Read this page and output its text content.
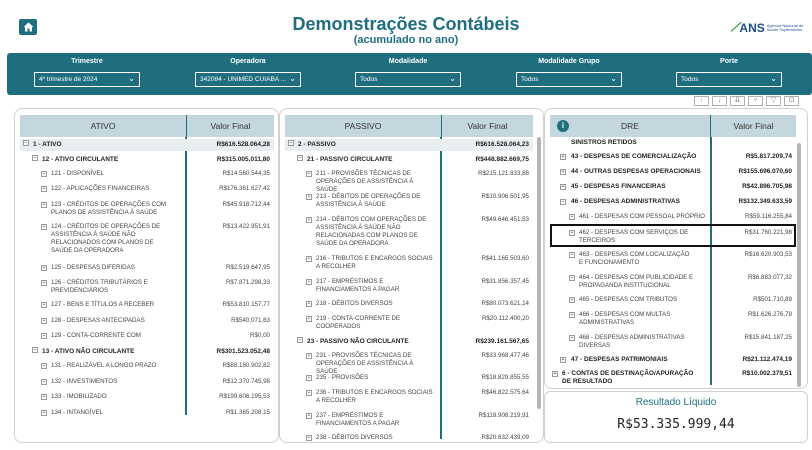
Demonstrações Contábeis
(acumulado no ano)
⟋ ANS Agência Nacional de Saúde Suplementar
Trimestre
4º trimestre de 2024	⌄
Operadora
342084 - UNIMED CUIABA ... ⌄
Modalidade
Todos	⌄
Modalidade Grupo
Todos	⌄
Porte
Todos	⌄
↑	↓	⇊	⑂	▽	⊡
ATIVO	Valor Final
− 1 - ATIVO	R$616.528.064,28
− 12 - ATIVO CIRCULANTE	R$315.005.011,80
+ 121 - DISPONÍVEL	R$14.560.544,35
+ 122 - APLICAÇÕES FINANCEIRAS	R$176.361.627,42
+ 123 - CRÉDITOS DE OPERAÇÕES COM PLANOS DE ASSISTÊNCIA À SAÚDE
R$45.918.712,44
+ 124 - CRÉDITOS DE OPERAÇÕES DE ASSISTÊNCIA À SAÚDE NÃO RELACIONADOS COM PLANOS DE SAÚDE DA OPERADORA
R$13.422.951,91
+ 125 - DESPESAS DIFERIDAS	R$2.519.647,95
+ 126 - CRÉDITOS TRIBUTÁRIOS E PREVIDENCIÁRIOS
R$7.871.298,33
+ 127 - BENS E TÍTULOS A RECEBER	R$53.810.157,77
+ 128 - DESPESAS ANTECIPADAS	R$540.071,63
+ 129 - CONTA-CORRENTE COM	R$0,00
− 13 - ATIVO NÃO CIRCULANTE	R$301.523.052,48
+ 131 - REALIZÁVEL A LONGO PRAZO	R$88.180.902,82
+ 132 - INVESTIMENTOS	R$12.370.745,98
+ 133 - IMOBILIZADO	R$199.606.195,53
+ 134 - INTANGÍVEL	R$1.365.208,15
PASSIVO	Valor Final
− 2 - PASSIVO	R$616.528.064,23
− 21 - PASSIVO CIRCULANTE	R$448.882.669,75
+ 211 - PROVISÕES TÉCNICAS DE OPERAÇÕES DE ASSISTÊNCIA À SAÚDE
R$215.121.833,88
+ 213 - DÉBITOS DE OPERAÇÕES DE ASSISTÊNCIA À SAÚDE
R$10.906.501,95
+ 214 - DÉBITOS COM OPERAÇÕES DE ASSISTÊNCIA À SAÚDE NÃO RELACIONADAS COM PLANOS DE SAÚDE DA OPERADORA
R$49.646.451,53
+ 216 - TRIBUTOS E ENCARGOS SOCIAIS A RECOLHER
R$41.165.503,60
+ 217 - EMPRÉSTIMOS E FINANCIAMENTOS A PAGAR
R$31.856.357,45
+ 218 - DÉBITOS DIVERSOS	R$80.073.621,14
+ 219 - CONTA-CORRENTE DE COOPERADOS
R$20.112.400,20
− 23 - PASSIVO NÃO CIRCULANTE	R$239.161.567,65
+ 231 - PROVISÕES TÉCNICAS DE OPERAÇÕES DE ASSISTÊNCIA À SAÚDE
R$33.968.477,46
+ 235 - PROVISÕES	R$18.829.855,55
+ 236 - TRIBUTOS E ENCARGOS SOCIAIS A RECOLHER
R$46.822.575,64
+ 237 - EMPRÉSTIMOS E FINANCIAMENTOS A PAGAR
R$118.908.219,91
+ 238 - DÉBITOS DIVERSOS	R$20.632.439,09
DRE	Valor Final
i
SINISTROS RETIDOS
+ 43 - DESPESAS DE COMERCIALIZAÇÃO	R$5.817.209,74
+ 44 - OUTRAS DESPESAS OPERACIONAIS	R$155.696.070,60
+ 45 - DESPESAS FINANCEIRAS	R$42.896.705,98
− 46 - DESPESAS ADMINISTRATIVAS	R$132.349.633,59
+ 461 - DESPESAS COM PESSOAL PRÓPRIO	R$59.116.255,84
+ 462 - DESPESAS COM SERVIÇOS DE TERCEIROS
R$31.760.221,98
+ 463 - DESPESAS COM LOCALIZAÇÃO E FUNCIONAMENTO
R$16.620.903,53
+ 464 - DESPESAS COM PUBLICIDADE E PROPAGANDA INSTITUCIONAL
R$6.883.077,32
+ 465 - DESPESAS COM TRIBUTOS	R$501.710,89
+ 466 - DESPESAS COM MULTAS ADMINISTRATIVAS
R$1.626.276,78
+ 468 - DESPESAS ADMINISTRATIVAS DIVERSAS
R$15.841.187,25
+ 47 - DESPESAS PATRIMONIAIS	R$21.112.474,19
+ 6 - CONTAS DE DESTINAÇÃO/APURAÇÃO DE RESULTADO
R$10.002.379,51
Resultado Líquido
R$53.335.999,44
